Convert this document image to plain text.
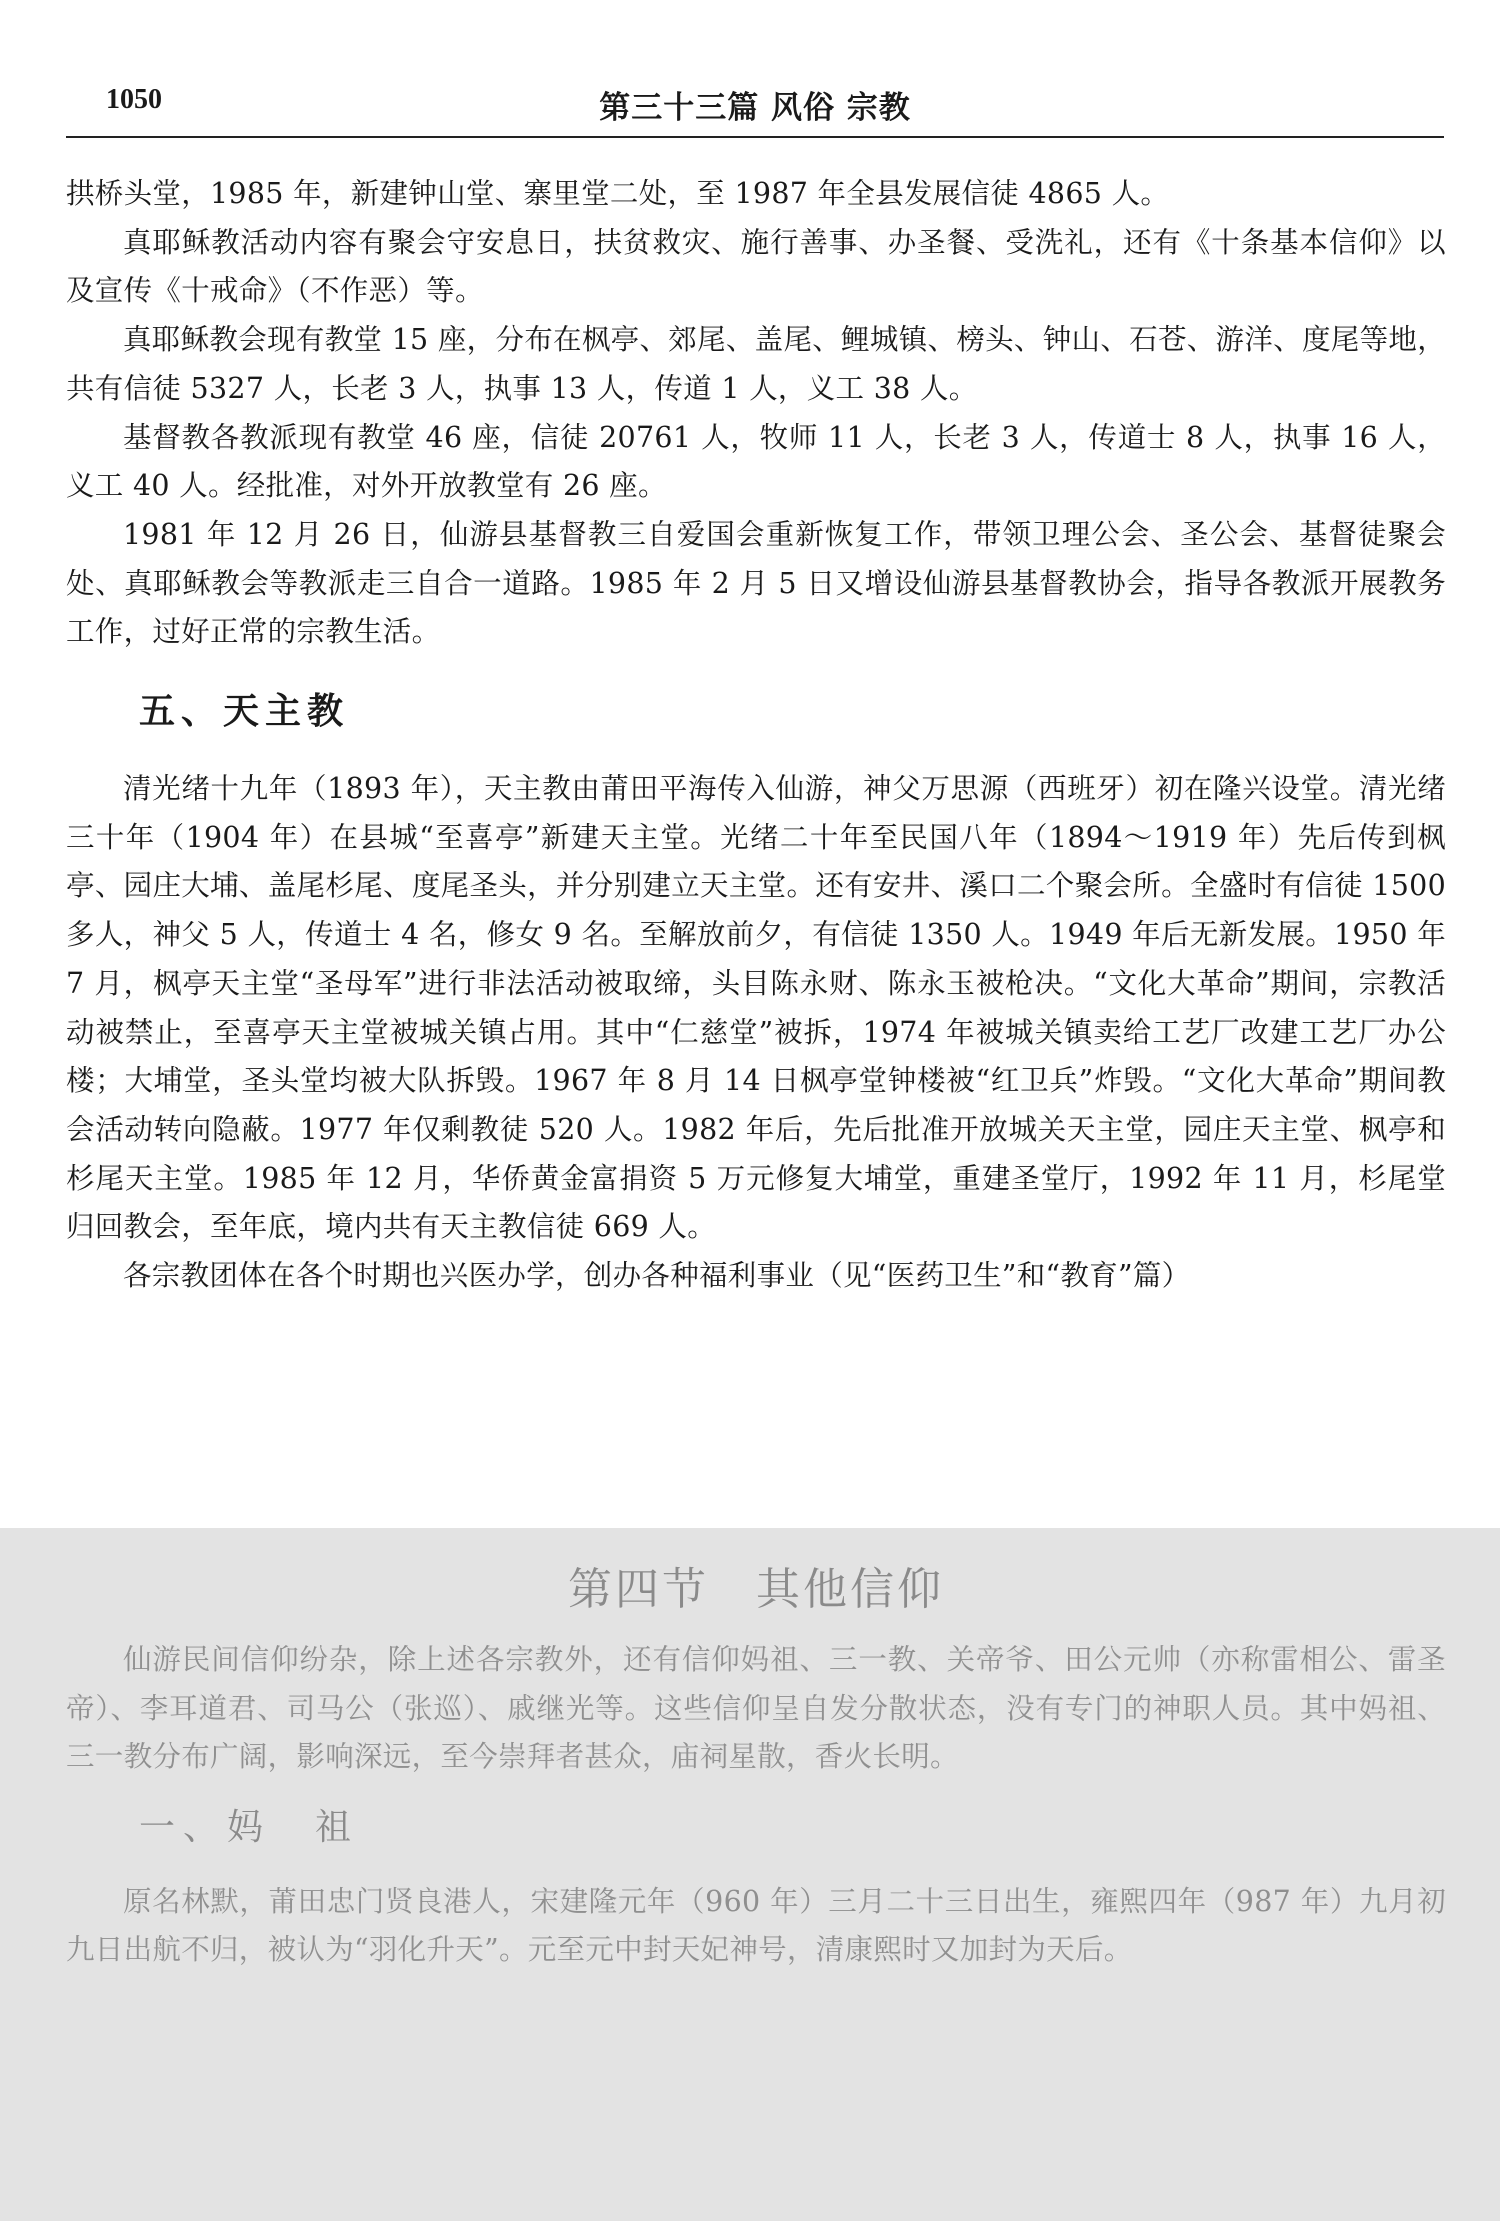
1050	第三十三篇 风俗 宗教

拱桥头堂，1985 年，新建钟山堂、寨里堂二处，至 1987 年全县发展信徒 4865 人。

真耶稣教活动内容有聚会守安息日，扶贫救灾、施行善事、办圣餐、受洗礼，还有《十条基本信仰》以及宣传《十戒命》（不作恶）等。

真耶稣教会现有教堂 15 座，分布在枫亭、郊尾、盖尾、鲤城镇、榜头、钟山、石苍、游洋、度尾等地，共有信徒 5327 人，长老 3 人，执事 13 人，传道 1 人，义工 38 人。

基督教各教派现有教堂 46 座，信徒 20761 人，牧师 11 人，长老 3 人，传道士 8 人，执事 16 人，义工 40 人。经批准，对外开放教堂有 26 座。

1981 年 12 月 26 日，仙游县基督教三自爱国会重新恢复工作，带领卫理公会、圣公会、基督徒聚会处、真耶稣教会等教派走三自合一道路。1985 年 2 月 5 日又增设仙游县基督教协会，指导各教派开展教务工作，过好正常的宗教生活。

五、天主教

清光绪十九年（1893 年），天主教由莆田平海传入仙游，神父万思源（西班牙）初在隆兴设堂。清光绪三十年（1904 年）在县城“至喜亭”新建天主堂。光绪二十年至民国八年（1894～1919 年）先后传到枫亭、园庄大埔、盖尾杉尾、度尾圣头，并分别建立天主堂。还有安井、溪口二个聚会所。全盛时有信徒 1500 多人，神父 5 人，传道士 4 名，修女 9 名。至解放前夕，有信徒 1350 人。1949 年后无新发展。1950 年 7 月，枫亭天主堂“圣母军”进行非法活动被取缔，头目陈永财、陈永玉被枪决。“文化大革命”期间，宗教活动被禁止，至喜亭天主堂被城关镇占用。其中“仁慈堂”被拆，1974 年被城关镇卖给工艺厂改建工艺厂办公楼；大埔堂，圣头堂均被大队拆毁。1967 年 8 月 14 日枫亭堂钟楼被“红卫兵”炸毁。“文化大革命”期间教会活动转向隐蔽。1977 年仅剩教徒 520 人。1982 年后，先后批准开放城关天主堂，园庄天主堂、枫亭和杉尾天主堂。1985 年 12 月，华侨黄金富捐资 5 万元修复大埔堂，重建圣堂厅，1992 年 11 月，杉尾堂归回教会，至年底，境内共有天主教信徒 669 人。

各宗教团体在各个时期也兴医办学，创办各种福利事业（见“医药卫生”和“教育”篇）

第四节　其他信仰

仙游民间信仰纷杂，除上述各宗教外，还有信仰妈祖、三一教、关帝爷、田公元帅（亦称雷相公、雷圣帝）、李耳道君、司马公（张巡）、戚继光等。这些信仰呈自发分散状态，没有专门的神职人员。其中妈祖、三一教分布广阔，影响深远，至今崇拜者甚众，庙祠星散，香火长明。

一、妈　祖

原名林默，莆田忠门贤良港人，宋建隆元年（960 年）三月二十三日出生，雍熙四年（987 年）九月初九日出航不归，被认为“羽化升天”。元至元中封天妃神号，清康熙时又加封为天后。
